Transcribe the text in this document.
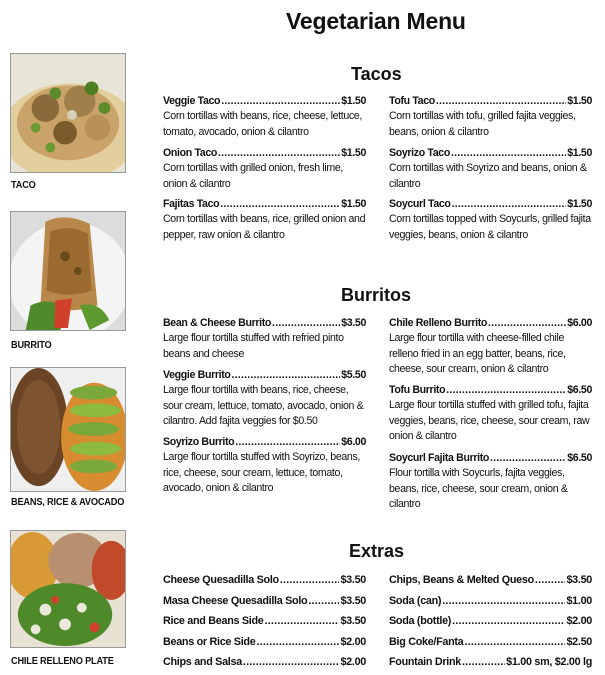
Vegetarian Menu
TACO
BURRITO
BEANS, RICE & AVOCADO
CHILE RELLENO PLATE
Tacos
Veggie Taco .....	$1.50
Corn tortillas with beans, rice, cheese, lettuce, tomato, avocado, onion & cilantro
Onion Taco .....	$1.50
Corn tortillas with grilled onion, fresh lime, onion & cilantro
Fajitas Taco .....	$1.50
Corn tortillas with beans, rice, grilled onion and pepper, raw onion & cilantro
Tofu Taco .....	$1.50
Corn tortillas with tofu, grilled fajita veggies, beans, onion & cilantro
Soyrizo Taco .....	$1.50
Corn tortillas with Soyrizo and beans, onion & cilantro
Soycurl Taco .....	$1.50
Corn tortillas topped with Soycurls, grilled fajita veggies, beans, onion & cilantro
Burritos
Bean & Cheese Burrito .....	$3.50
Large flour tortilla stuffed with refried pinto beans and cheese
Veggie Burrito .....	$5.50
Large flour tortilla with beans, rice, cheese, sour cream, lettuce, tomato, avocado, onion & cilantro. Add fajita veggies for $0.50
Soyrizo Burrito .....	$6.00
Large flour tortilla stuffed with Soyrizo, beans, rice, cheese, sour cream, lettuce, tomato, avocado, onion & cilantro
Chile Relleno Burrito .....	$6.00
Large flour tortilla with cheese-filled chile relleno fried in an egg batter, beans, rice, cheese, sour cream, onion & cilantro
Tofu Burrito .....	$6.50
Large flour tortilla stuffed with grilled tofu, fajita veggies, beans, rice, cheese, sour cream, raw onion & cilantro
Soycurl Fajita Burrito .....	$6.50
Flour tortilla with Soycurls, fajita veggies, beans, rice, cheese, sour cream, onion & cilantro
Extras
Cheese Quesadilla Solo .....	$3.50
Masa Cheese Quesadilla Solo .....	$3.50
Rice and Beans Side .....	$3.50
Beans or Rice Side .....	$2.00
Chips and Salsa .....	$2.00
Chips, Beans & Melted Queso .....	$3.50
Soda (can) .....	$1.00
Soda (bottle) .....	$2.00
Big Coke/Fanta .....	$2.50
Fountain Drink .....	$1.00 sm, $2.00 lg
